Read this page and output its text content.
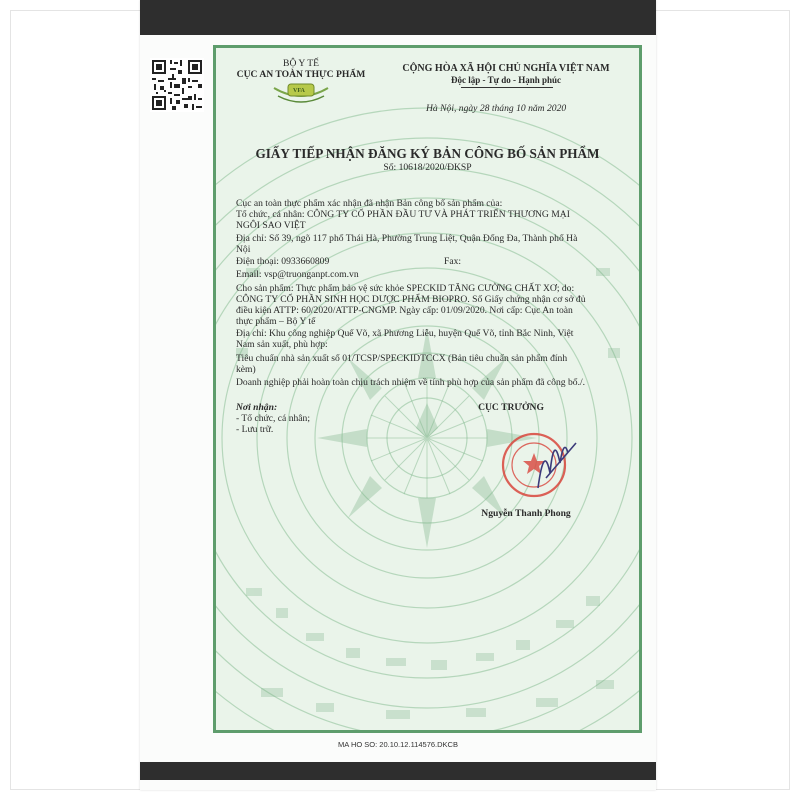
BỘ Y TẾ
CỤC AN TOÀN THỰC PHẨM
VFA
CỘNG HÒA XÃ HỘI CHỦ NGHĨA VIỆT NAM
Độc lập - Tự do - Hạnh phúc
Hà Nội, ngày 28 tháng 10 năm 2020
GIẤY TIẾP NHẬN ĐĂNG KÝ BẢN CÔNG BỐ SẢN PHẨM
Số: 10618/2020/ĐKSP
Cục an toàn thực phẩm xác nhận đã nhận Bản công bố sản phẩm của:
Tổ chức, cá nhân: CÔNG TY CỔ PHẦN ĐẦU TƯ VÀ PHÁT TRIỂN THƯƠNG MẠI
NGÔI SAO VIỆT
Địa chỉ: Số 39, ngõ 117 phố Thái Hà, Phường Trung Liệt, Quận Đống Đa, Thành phố Hà
Nội
Điện thoại: 0933660809	Fax:
Email: vsp@truonganpt.com.vn
Cho sản phẩm: Thực phẩm bảo vệ sức khỏe SPECKID TĂNG CƯỜNG CHẤT XƠ; do:
CÔNG TY CỔ PHẦN SINH HỌC DƯỢC PHẨM BIOPRO. Số Giấy chứng nhận cơ sở đủ
điều kiện ATTP: 60/2020/ATTP-CNGMP. Ngày cấp: 01/09/2020. Nơi cấp: Cục An toàn
thực phẩm – Bộ Y tế
Địa chỉ: Khu công nghiệp Quế Võ, xã Phương Liễu, huyện Quế Võ, tỉnh Bắc Ninh, Việt
Nam sản xuất, phù hợp:
Tiêu chuẩn nhà sản xuất số 01/TCSP/SPECKIDTCCX (Bản tiêu chuẩn sản phẩm đính
kèm)
Doanh nghiệp phải hoàn toàn chịu trách nhiệm về tính phù hợp của sản phẩm đã công bố./.
Nơi nhận:
- Tổ chức, cá nhân;
- Lưu trữ.
CỤC TRƯỞNG
Nguyễn Thanh Phong
MA HO SO: 20.10.12.114576.DKCB
